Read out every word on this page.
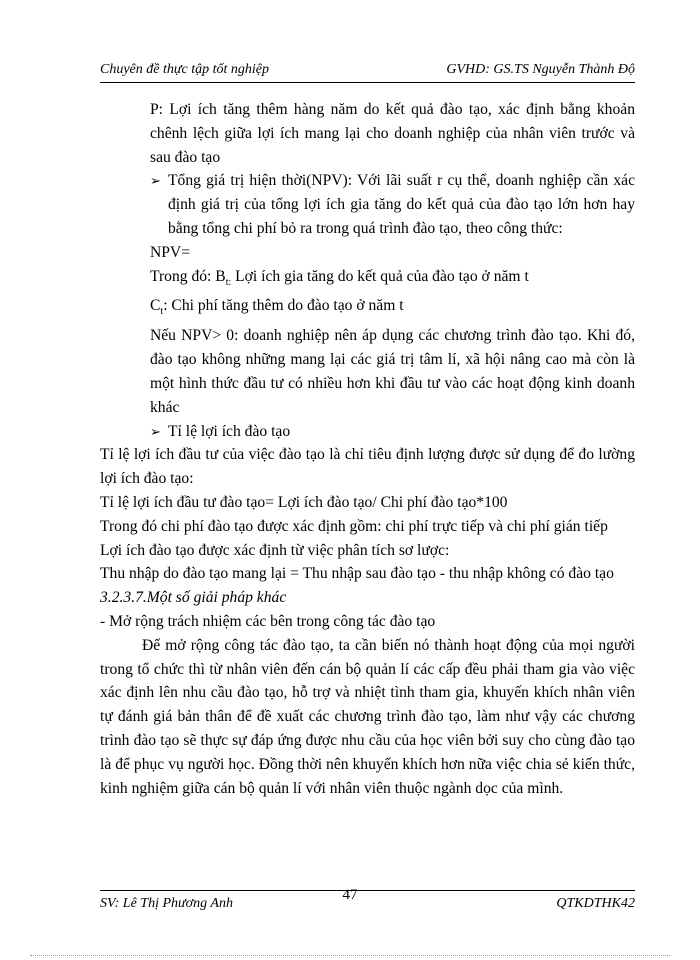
Chuyên đề thực tập tốt nghiệp	GVHD: GS.TS Nguyễn Thành Độ
P: Lợi ích tăng thêm hàng năm do kết quả đào tạo, xác định bằng khoản chênh lệch giữa lợi ích mang lại cho doanh nghiệp của nhân viên trước và sau đào tạo
➢ Tổng giá trị hiện thời(NPV): Với lãi suất r cụ thể, doanh nghiệp cần xác định giá trị của tổng lợi ích gia tăng do kết quả của đào tạo lớn hơn hay bằng tổng chi phí bỏ ra trong quá trình đào tạo, theo công thức:
NPV=
Trong đó: $B_{t:}$ Lợi ích gia tăng do kết quả của đào tạo ở năm t
$C_t$: Chi phí tăng thêm do đào tạo ở năm t
Nếu NPV> 0: doanh nghiệp nên áp dụng các chương trình đào tạo. Khi đó, đào tạo không những mang lại các giá trị tâm lí, xã hội nâng cao mà còn là một hình thức đầu tư có nhiều hơn khi đầu tư vào các hoạt động kinh doanh khác
➢ Tỉ lệ lợi ích đào tạo
Tỉ lệ lợi ích đầu tư của việc đào tạo là chỉ tiêu định lượng được sử dụng để đo lường lợi ích đào tạo:
Tỉ lệ lợi ích đầu tư đào tạo= Lợi ích đào tạo/ Chi phí đào tạo*100
Trong đó chi phí đào tạo được xác định gồm: chi phí trực tiếp và chi phí gián tiếp
Lợi ích đào tạo được xác định từ việc phân tích sơ lược:
Thu nhập do đào tạo mang lại = Thu nhập sau đào tạo - thu nhập không có đào tạo
3.2.3.7.Một số giải pháp khác
- Mở rộng trách nhiệm các bên trong công tác đào tạo
Để mở rộng công tác đào tạo, ta cần biến nó thành hoạt động của mọi người trong tổ chức thì từ nhân viên đến cán bộ quản lí các cấp đều phải tham gia vào việc xác định lên nhu cầu đào tạo, hỗ trợ và nhiệt tình tham gia, khuyến khích nhân viên tự đánh giá bản thân để đề xuất các chương trình đào tạo, làm như vậy các chương trình đào tạo sẽ thực sự đáp ứng được nhu cầu của học viên bởi suy cho cùng đào tạo là để phục vụ người học. Đồng thời nên khuyến khích hơn nữa việc chia sẻ kiến thức, kinh nghiệm giữa cán bộ quản lí với nhân viên thuộc ngành dọc của mình.
47
SV: Lê Thị Phương Anh	QTKDTHK42
